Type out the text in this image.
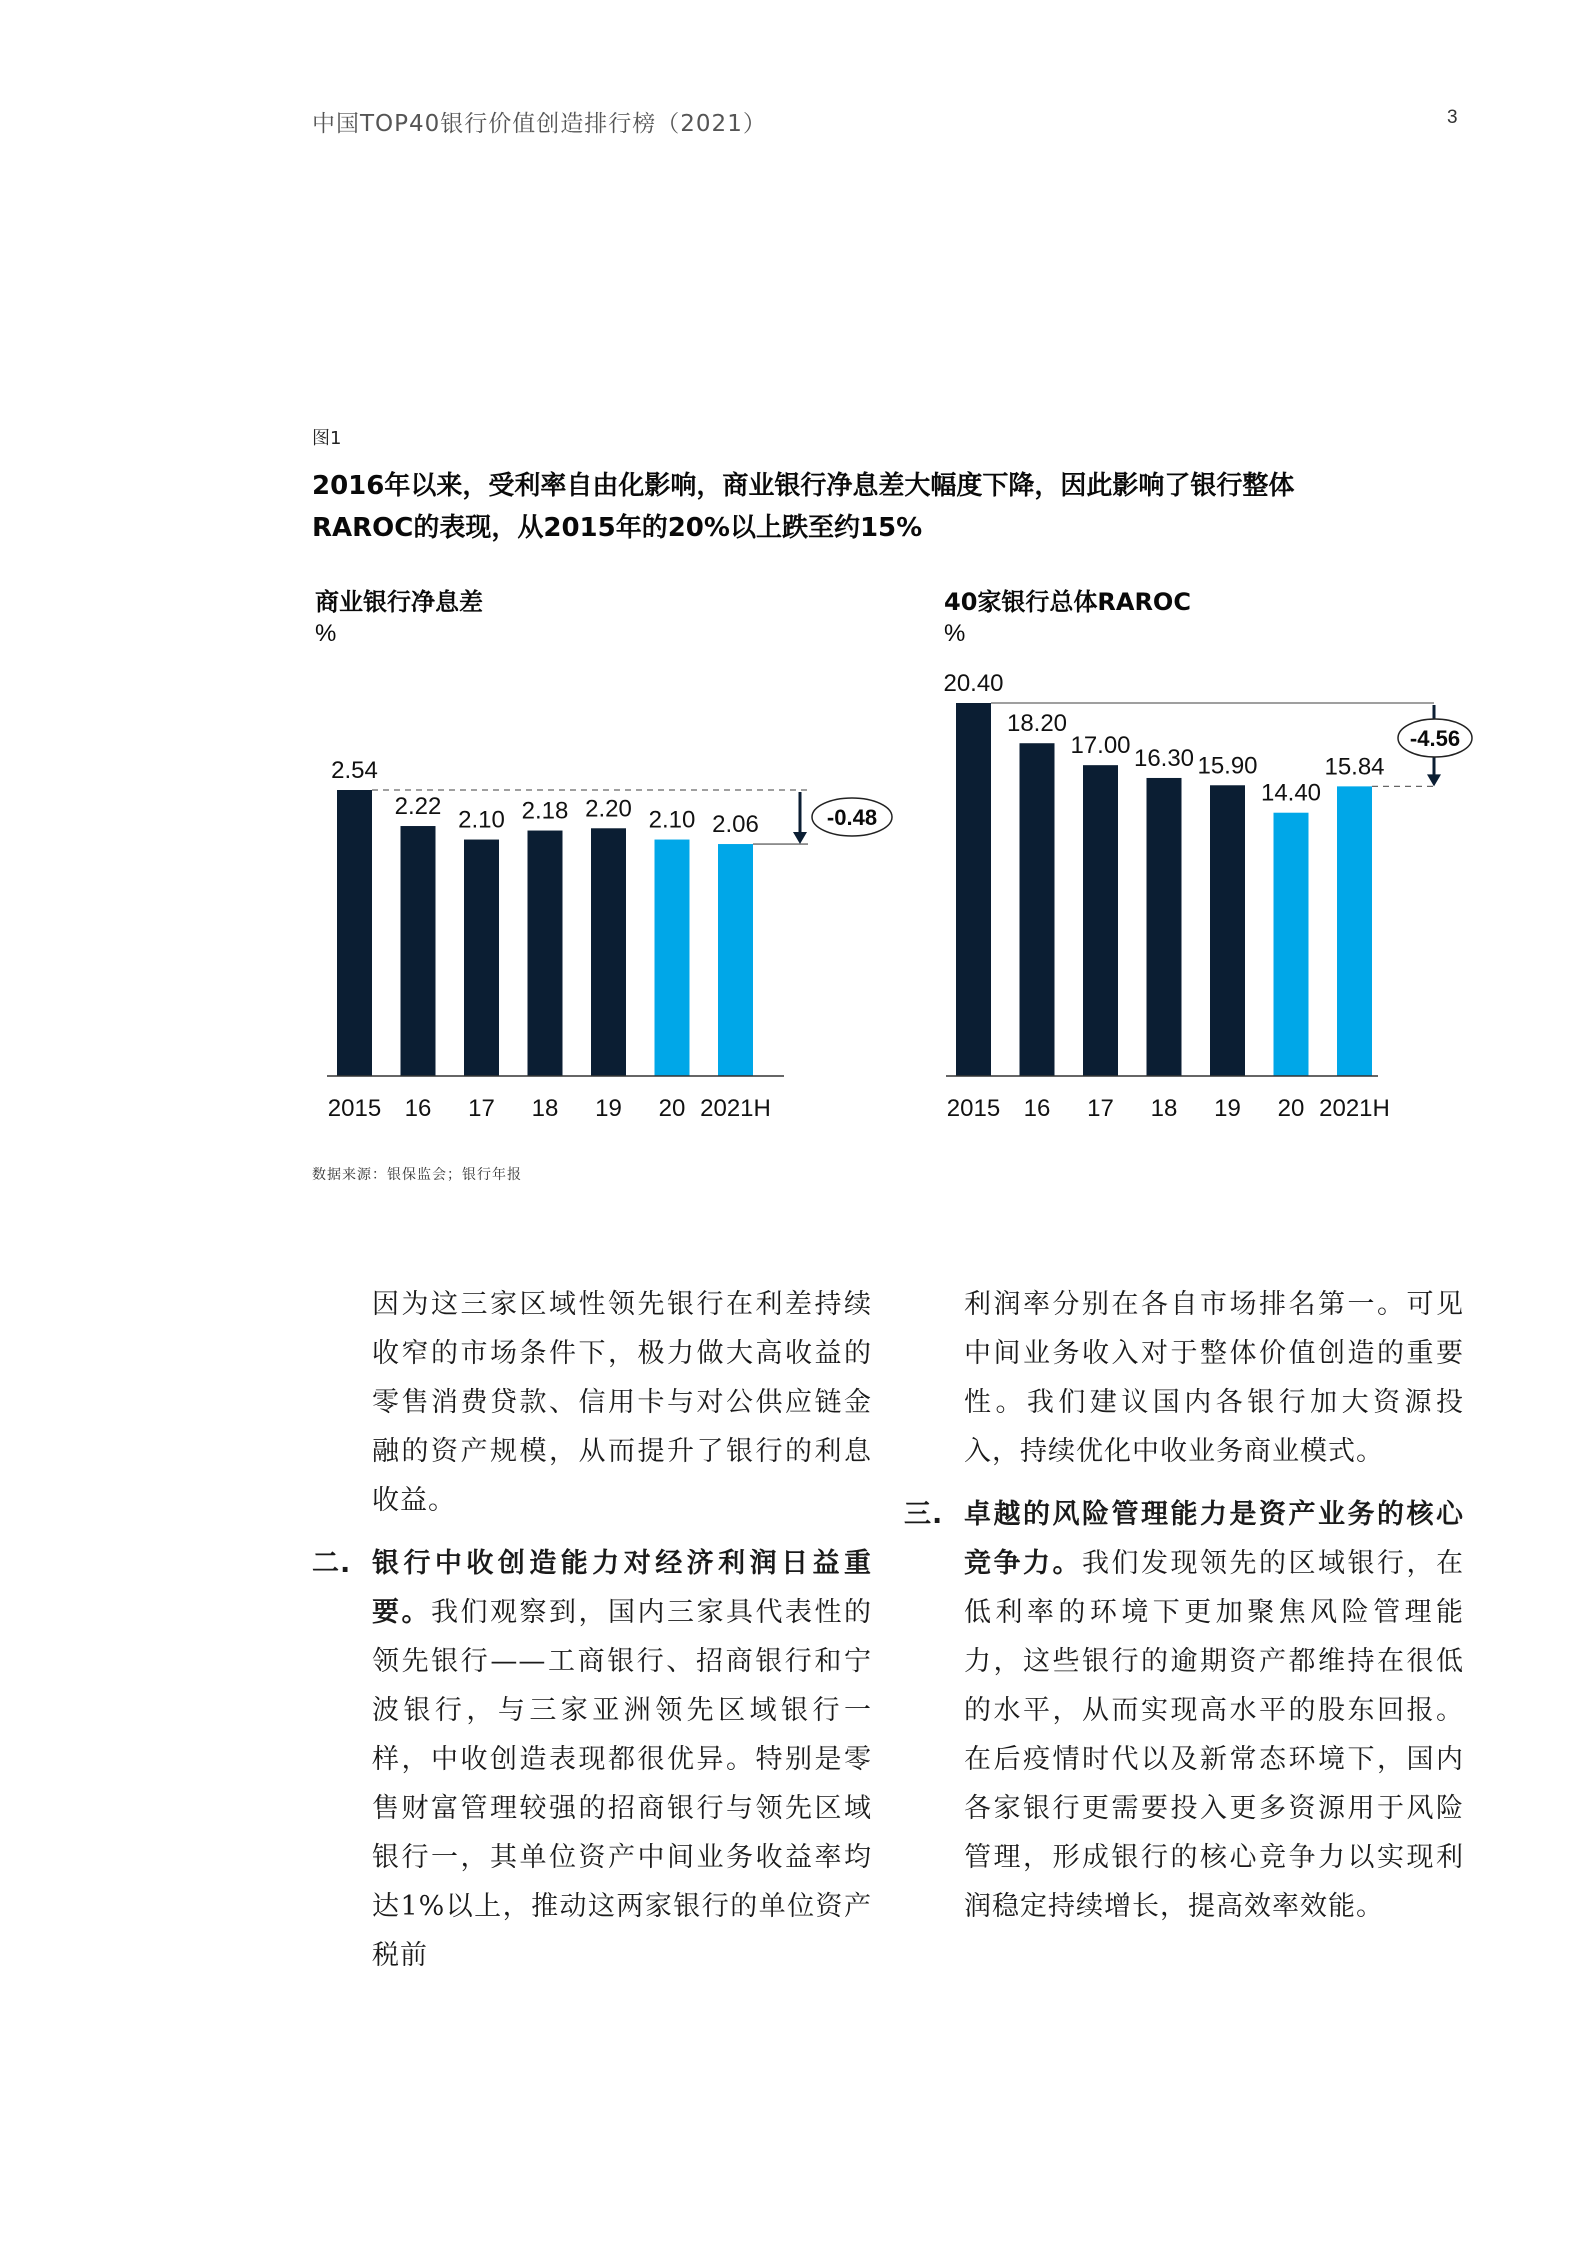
中国TOP40银行价值创造排行榜（2021）	3
图1
2016年以来，受利率自由化影响，商业银行净息差大幅度下降，因此影响了银行整体
RAROC的表现，从2015年的20%以上跌至约15%
商业银行净息差
%
2.54
2015
2.22
16
2.10
17
2.18
18
2.20
19
2.10
20
2.06
2021H
-0.48
40家银行总体RAROC
%
20.40
2015
18.20
16
17.00
17
16.30
18
15.90
19
14.40
20
15.84
2021H
-4.56
数据来源：银保监会；银行年报

因为这三家区域性领先银行在利差持续收窄的市场条件下，极力做大高收益的零售消费贷款、信用卡与对公供应链金融的资产规模，从而提升了银行的利息收益。

二. 银行中收创造能力对经济利润日益重要。我们观察到，国内三家具代表性的领先银行——工商银行、招商银行和宁波银行，与三家亚洲领先区域银行一样，中收创造表现都很优异。特别是零售财富管理较强的招商银行与领先区域银行一，其单位资产中间业务收益率均达1%以上，推动这两家银行的单位资产税前

利润率分别在各自市场排名第一。可见中间业务收入对于整体价值创造的重要性。我们建议国内各银行加大资源投入，持续优化中收业务商业模式。

三. 卓越的风险管理能力是资产业务的核心竞争力。我们发现领先的区域银行，在低利率的环境下更加聚焦风险管理能力，这些银行的逾期资产都维持在很低的水平，从而实现高水平的股东回报。在后疫情时代以及新常态环境下，国内各家银行更需要投入更多资源用于风险管理，形成银行的核心竞争力以实现利润稳定持续增长，提高效率效能。
